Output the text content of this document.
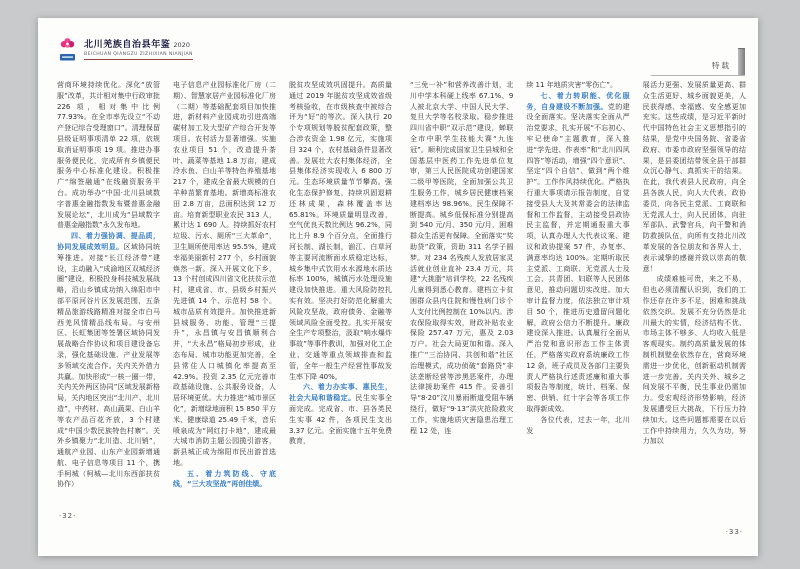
北川羌族自治县年鉴 2020
BEICHUAN QIANGZU ZIZHIXIAN NIANJIAN

营商环境持续优化。深化“放管服”改革，共计相对集中行政审批 226 项，相对集中比例 77.93%。在全市率先设立“不动产登记综合受理窗口”。清理保留县级证明事项清单 22 项，依规取消证明事项 19 项。推进办事服务便民化，完成所有乡镇便民服务中心标准化建设。积极推广“绵签融通”在线融资服务平台。成功举办“中国·北川县域数字普惠金融指数发布暨普惠金融发展论坛”，北川成为“县域数字普惠金融指数”永久发布地。

四、着力强协调、提品质，协同发展成效明显。区域协同统筹推进。对接“长江经济带”建设，主动融入“成渝地区双城经济圈”建设，积极投身科技城发展战略，沿山乡镇成功纳入绵阳市中部平原河谷片区发展范围，五条精品旅游线路精准对接全市白马西羌风情精品线布局。与安州区、长虹集团等签署区域协同发展战略合作协议和项目建设备忘录，强化基础设施、产业发展等多领域交流合作。关内关外借力共赢。加快形成“一核一圈一带，关内关外两区协同”区域发展新格局，关内地区突出“北川产、北川造”，中药材、高山蔬果、白山羊等农产品百花齐放，3 个村建成“中国少数民族特色村寨”。关外乡镇聚力“北川造、北川销”，通航产业园、山东产业园新增通航、电子信息等项目 11 个，携手柯城（柯城—北川东西部扶贫协作）

电子信息产业园标准化厂房（二期）、智慧家居产业园标准化厂房（二期）等基础配套项目加快推进，新材料产业园成功引进高端碳材加工及大型矿产综合开发等项目。农村活力显著增强。实施农业项目 51 个，改造提升茶叶、蔬菜等基地 1.8 万亩，建成冷水鱼、白山羊等特色养殖基地 217 个，建成全省最大规模的白羊种苗繁育基地。新增高标准农田 2.8 万亩，总面积达到 12 万亩。培育新型职业农民 313 人，累计达 1 690 人。持续抓好农村垃圾、污水、厕所“三大革命”，卫生厕所使用率达 95.5%，建成幸福美丽新村 277 个，乡村面貌焕然一新。深入开展文化下乡，13 个村创成四川省文化扶贫示范村，建成省、市、县级乡村振兴先进镇 14 个、示范村 58 个。城市品质有效提升。加快推进新县城服务、功能、管理“三提升”，永昌镇与安昌镇顺利合并，“大永昌”格局初步形成，业态布局、城市功能更加完善，全县常住人口城镇化率提高至 42.9%。投资 2.35 亿元完善市政基础设施、公共服务设备，人居环境更优。大力推进“城市景区化”，新增绿地面积 15 850 平方米、健康绿道 25.49 千米，音乐喷泉成为“网红打卡地”，建成最大城市消防主题公园揽引游客，新县城正成为绵阳市民出游首选地。

五、着力筑防线、守底线，“三大攻坚战”再创佳绩。

脱贫攻坚成效巩固提升。高质量通过 2019 年脱贫攻坚成效省级考核验收，在市级核查中被综合评为“好”的等次。深入执行 20 个专项规划等脱贫配套政策，整合涉农资金 1.98 亿元，实施项目 324 个，农村基础条件显著改善。发展壮大农村集体经济，全县集体经济实现收入 6 800 万元。生态环境质量节节攀高。强化生态保护修复，持续巩固退耕还林成果，森林覆盖率达 65.81%。环境质量明显改善，空气优良天数比例达 96.2%，同比上升 8.9 个百分点，全面推行河长制、湖长制，湔江、白草河等主要河流断面水质稳定达标，城乡集中式饮用水水源地水质达标率 100%，城镇污水处理设施建设加快推进。重大风险防控扎实有效。坚决打好防范化解重大风险攻坚战，政府债务、金融等领域风险全面受控。扎实开展安全生产专项整治，汲取“响水爆炸事故”等事件教训，加强对化工企业、交通等重点领域排查和监管，全年一般生产经营性事故发生率下降 40%。

六、着力办实事、惠民生，社会大局和谐稳定。民生实事全面完成。完成省、市、县各类民生实事 42 件，各项民生支出 3.37 亿元。全面实施十五年免费教育，

·32·
特载

“三免一补”和营养改善计划，北川中学本科硬上线率 67.1%、9 人被北京大学、中国人民大学、复旦大学等名校录取。稳步推进四川省中职“双示范”建设，蝉联全市中职学生技能大赛“九连冠”。顺利完成国家卫生县城和全国基层中医药工作先进单位复审，第三人民医院成功创建国家二级甲等医院，全面加强公共卫生服务工作，城乡居民健康档案建档率达 98.96%。民生保障不断提高。城乡低保标准分别提高到 540 元/月、350 元/月，困难群众生活更有保障。全面落实“奖助贷”政策，资助 311 名学子圆梦。对 234 名残疾人发放居家灵活就业创业直补 23.4 万元，共建“大挑脂”培训学校，22 名残疾儿童得到悉心教育。建档立卡贫困群众县内住院和慢性病门诊个人支付比例控制在 10%以内。涉农保险取得实效，财政补贴农业保险 257.47 万元，惠及 2.03 万户。社会大局更加和谐。深入推广“三治协同、共创和谐”社区治理模式，成功侦破“套路贷”非法垄断经营等涉黑恶案件，办理法律援助案件 415 件。妥善引导“8·20”汶川暴雨断道受阻车辆绕行，做好“9·13”洪灾抢险救灾工作，实施地质灾害隐患治理工程 12 处，连

续 11 年地质灾害“零伤亡”。

七、着力转职能、优化服务，自身建设不断加强。党的建设全面落实。坚决落实全面从严治党要求，扎实开展“不忘初心、牢记使命”主题教育，深入推进“学先进、作表率”和“北川四风四答”等活动，增强“四个意识”、坚定“四个自信”、做到“两个维护”。工作作风持续优化。严格执行重大事项请示报告制度，自觉接受县人大及其常委会的法律监督和工作监督，主动接受县政协民主监督，并定期通报重大事项，认真办理人大代表议案、建议和政协提案 57 件，办复率、满意率均达 100%。定期听取民主党派、工商联、无党派人士及工会、共青团、妇联等人民团体意见，推动问题切实改进。加大审计监督力度，依法独立审计项目 50 个，推进历史遗留问题化解，政府公信力不断提升。廉政建设深入推进。认真履行全面从严治党和意识形态工作主体责任，严格落实政府系统廉政工作 12 条，班子成员及各部门主要负责人严格执行述责述廉和重大事项报告等制度，统计、档案、保密、供销、红十字会等各项工作取得新成效。

各位代表，过去一年，北川发

展活力更强、发展质量更高、群众生活更好、城乡面貌更美，人民获得感、幸福感、安全感更加充实。这些成绩，是习近平新时代中国特色社会主义思想指引的结果，是党中央国务院、省委省政府、市委市政府坚强领导的结果，是县委团结带领全县干部群众沉心静气、真抓实干的结果。在此，我代表县人民政府，向全县各族人民，向人大代表、政协委员，向各民主党派、工商联和无党派人士，向人民团体，向驻军部队、武警官兵，向干警和消防救援队伍，向所有支持北川改革发展的各位朋友和各界人士，表示诚挚的感谢并致以崇高的敬意！

成绩难能可贵，来之不易，但也必须清醒认识到，我们的工作还存在许多不足，困难和挑战依然交织。发展不充分仍然是北川最大的实情，经济结构不优、市场主体不够多、人均收入低是客观现实。制约高质量发展的体制机制壁垒依然存在，营商环境需进一步优化，创新驱动机制需进一步完善。关内关外、城乡之间发展不平衡，民生事业仍需加力。受宏观经济形势影响，经济发展遭受巨大挑战，下行压力持续加大。这些问题都需要在以后工作中持续用力，久久为功，努力加以

·33·
